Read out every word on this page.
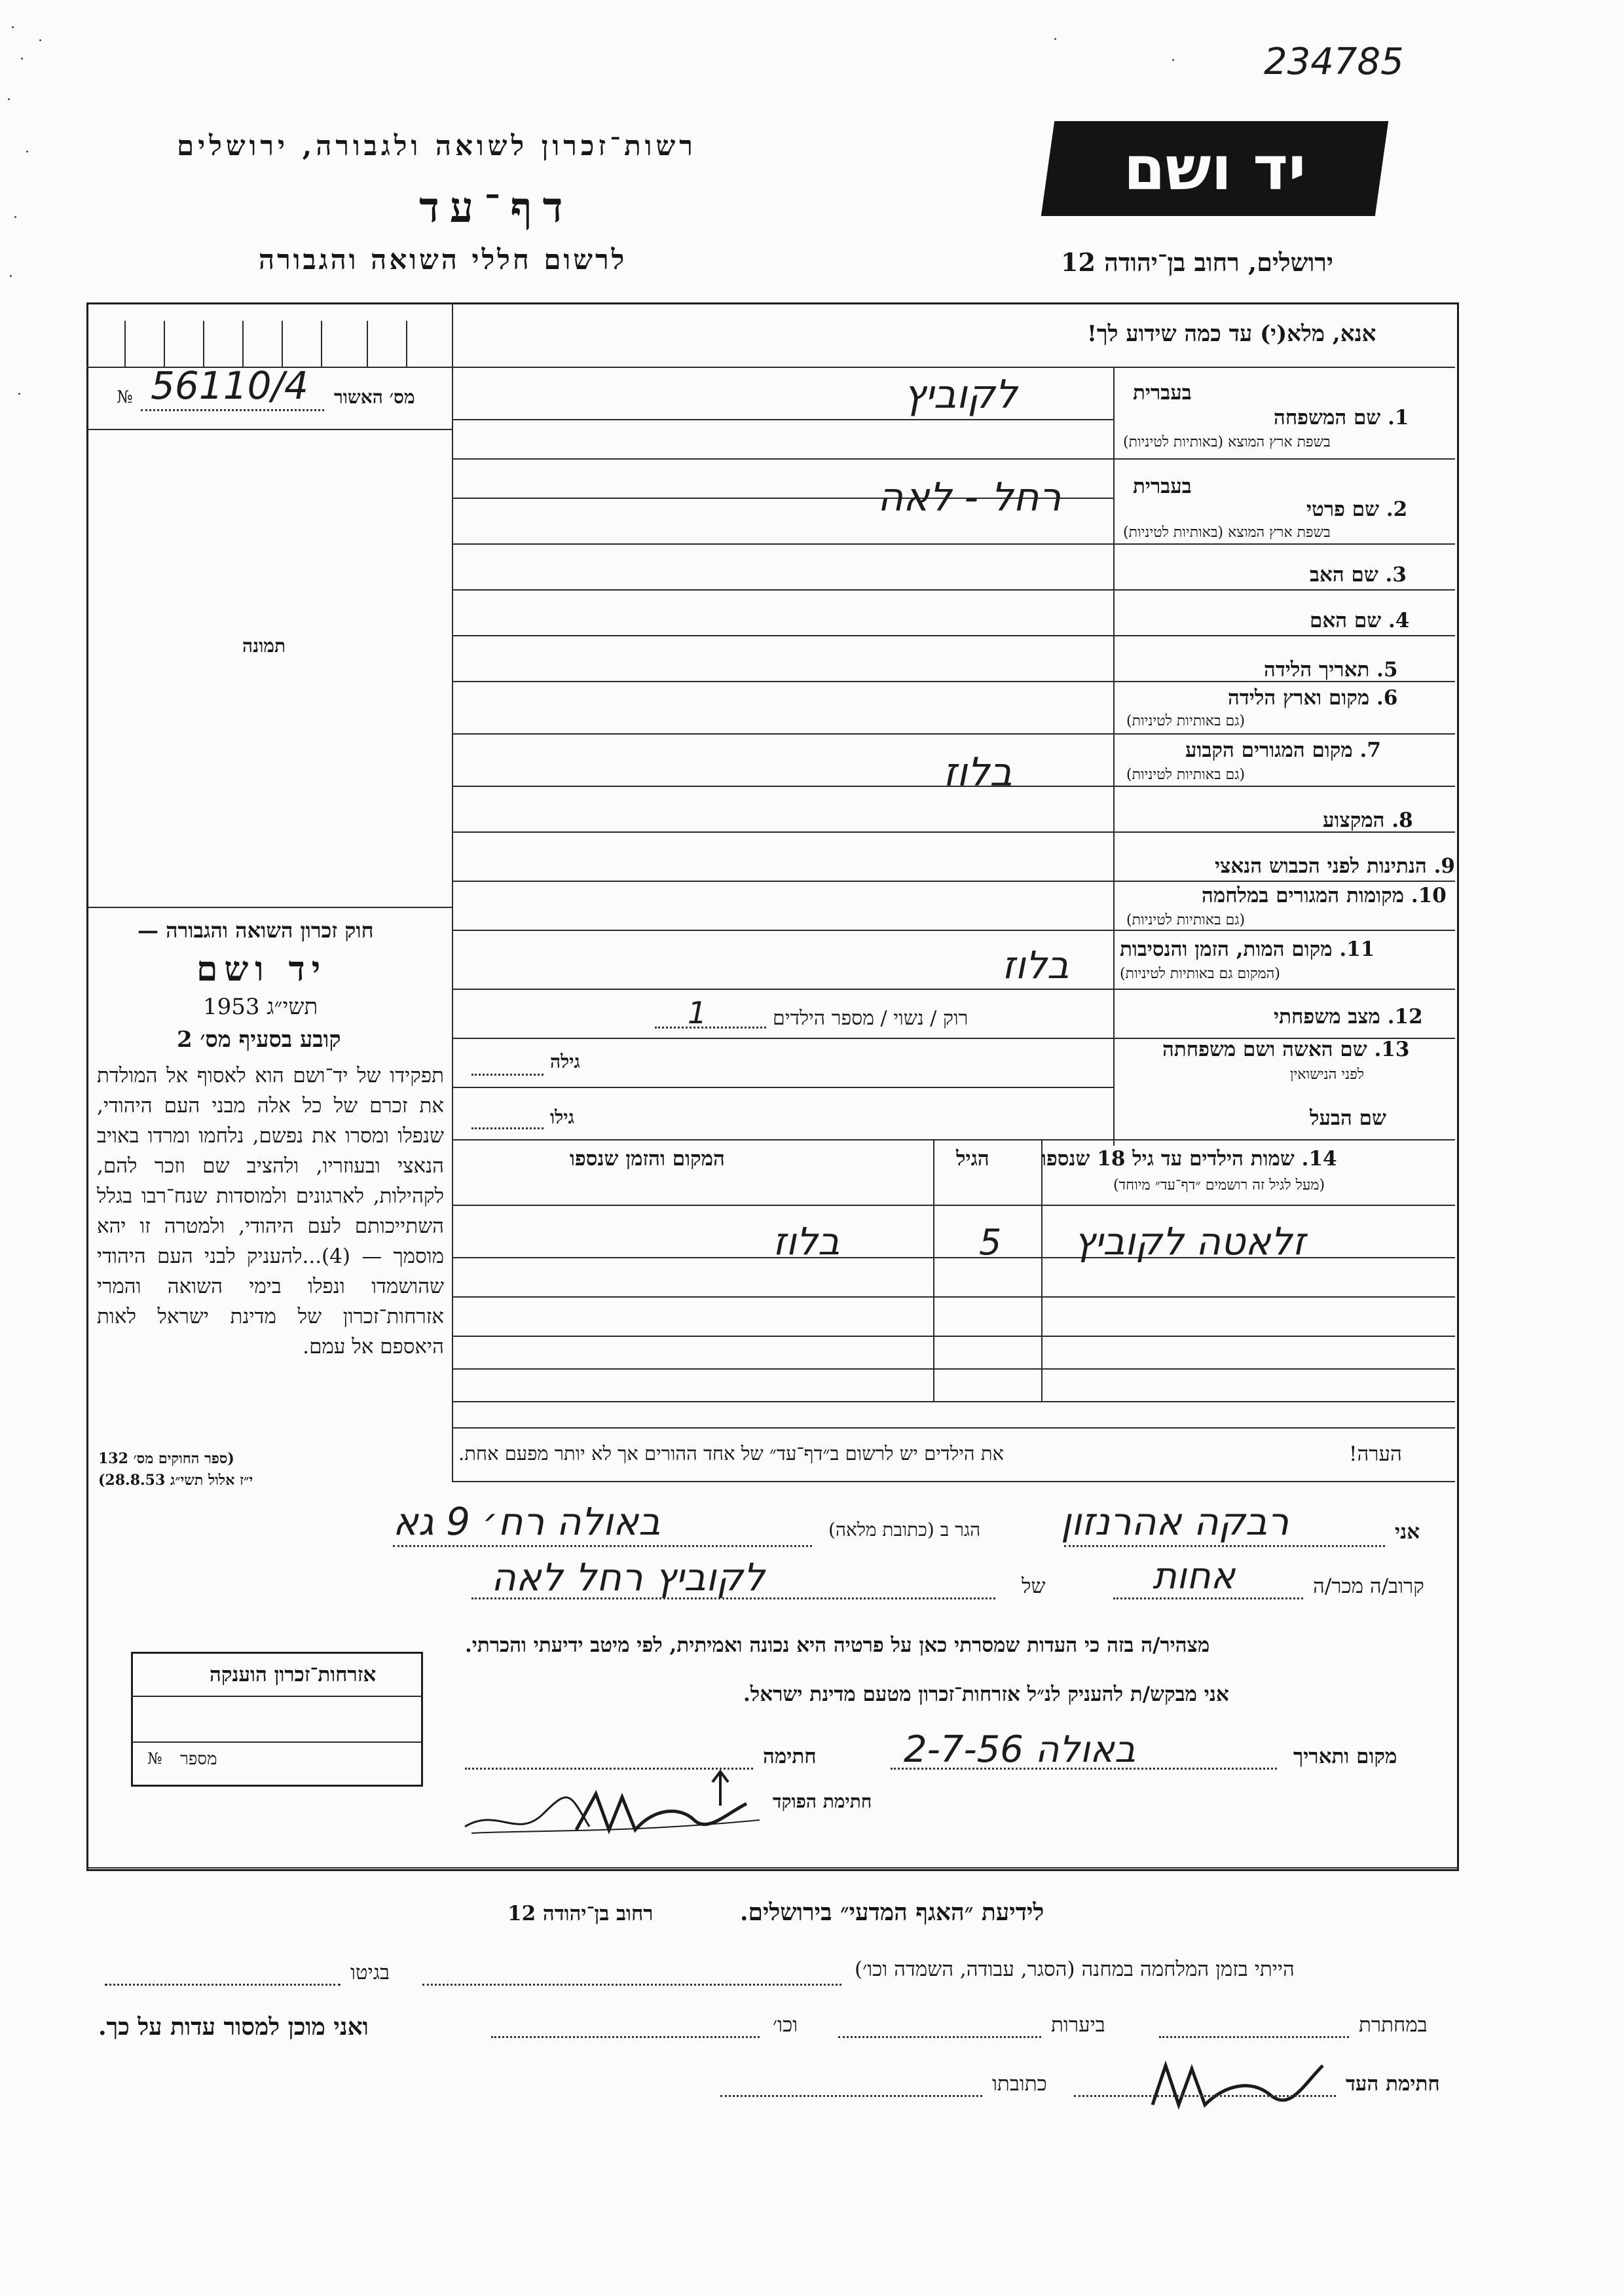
234785
יד ושם
ירושלים, רחוב בן־יהודה 12
רשות־זכרון לשואה ולגבורה, ירושלים
דף־עד
לרשום חללי השואה והגבורה
אנא, מלא(י) עד כמה שידוע לך!
מס׳ האשור
№ 56110/4
תמונה
חוק זכרון השואה והגבורה —
יד ושם
תשי״ג 1953
קובע בסעיף מס׳ 2
תפקידו של יד־ושם הוא לאסוף אל המולדת את זכרם של כל אלה מבני העם היהודי, שנפלו ומסרו את נפשם, נלחמו ומרדו באויב הנאצי ובעוזריו, ולהציב שם וזכר להם, לקהילות, לארגונים ולמוסדות שנח־רבו בגלל השתייכותם לעם היהודי, ולמטרה זו יהא מוסמך — (4)...להעניק לבני העם היהודי שהושמדו ונפלו בימי השואה והמרי אזרחות־זכרון של מדינת ישראל לאות היאספם אל עמם.
(ספר החוקים מס׳ 132
י״ז אלול תשי״ג 28.8.53)
בעברית
1. שם המשפחה
בשפת ארץ המוצא (באותיות לטיניות)
לקוביץ
בעברית
2. שם פרטי
בשפת ארץ המוצא (באותיות לטיניות)
רחל - לאה
3. שם האב
4. שם האם
5. תאריך הלידה
6. מקום וארץ הלידה
(גם באותיות לטיניות)
7. מקום המגורים הקבוע
(גם באותיות לטיניות)
בלוז
8. המקצוע
9. הנתינות לפני הכבוש הנאצי
10. מקומות המגורים במלחמה
(גם באותיות לטיניות)
11. מקום המות, הזמן והנסיבות
(המקום גם באותיות לטיניות)
בלוז
12. מצב משפחתי
רוק / נשוי / מספר הילדים
1
13. שם האשה ושם משפחתה
לפני הנישואין
גילה
שם הבעל
גילו
14. שמות הילדים עד גיל 18 שנספו
(מעל לגיל זה רושמים ״דף־עד״ מיוחד)
הגיל
המקום והזמן שנספו
זלאטה לקוביץ
5
בלוז
הערה!
את הילדים יש לרשום ב״דף־עד״ של אחד ההורים אך לא יותר מפעם אחת.
אני
רבקה אהרנזון
הגר ב (כתובת מלאה)
באולה רח׳ 9 גא
קרוב/ה מכר/ה
אחות
של
לקוביץ רחל לאה
מצהיר/ה בזה כי העדות שמסרתי כאן על פרטיה היא נכונה ואמיתית, לפי מיטב ידיעתי והכרתי.
אני מבקש/ת להעניק לנ״ל אזרחות־זכרון מטעם מדינת ישראל.
מקום ותאריך
באולה 2-7-56
חתימה
חתימת הפוקד
אזרחות־זכרון הוענקה
מספר
№
לידיעת ״האגף המדעי״ בירושלים.
רחוב בן־יהודה 12
הייתי בזמן המלחמה במחנה (הסגר, עבודה, השמדה וכו׳)
בגיטו
במחתרת
ביערות
וכו׳
ואני מוכן למסור עדות על כך.
חתימת העד
כתובתו
